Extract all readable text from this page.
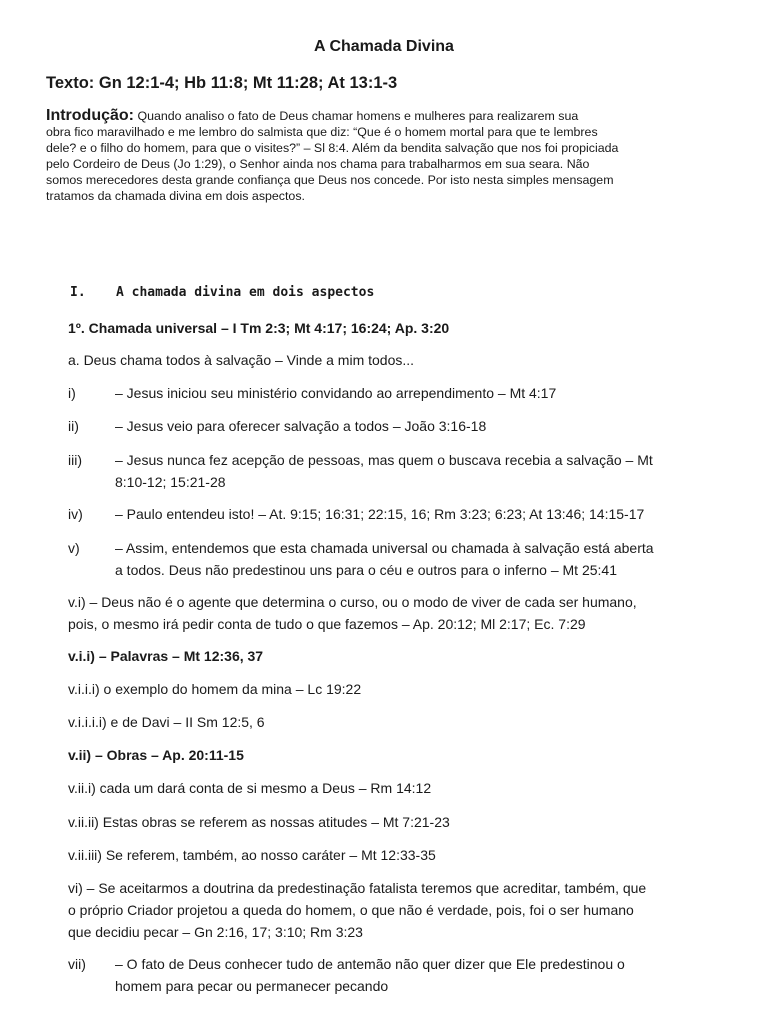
A Chamada Divina
Texto: Gn 12:1-4; Hb 11:8; Mt 11:28; At 13:1-3
Introdução: Quando analiso o fato de Deus chamar homens e mulheres para realizarem sua
obra fico maravilhado e me lembro do salmista que diz: “Que é o homem mortal para que te lembres
dele? e o filho do homem, para que o visites?” – Sl 8:4. Além da bendita salvação que nos foi propiciada
pelo Cordeiro de Deus (Jo 1:29), o Senhor ainda nos chama para trabalharmos em sua seara. Não
somos merecedores desta grande confiança que Deus nos concede. Por isto nesta simples mensagem
tratamos da chamada divina em dois aspectos.
I. A chamada divina em dois aspectos
1º. Chamada universal – I Tm 2:3; Mt 4:17; 16:24; Ap. 3:20
a. Deus chama todos à salvação – Vinde a mim todos...
i)	– Jesus iniciou seu ministério convidando ao arrependimento – Mt 4:17
ii)	– Jesus veio para oferecer salvação a todos – João 3:16-18
iii) – Jesus nunca fez acepção de pessoas, mas quem o buscava recebia a salvação – Mt
8:10-12; 15:21-28
iv) – Paulo entendeu isto! – At. 9:15; 16:31; 22:15, 16; Rm 3:23; 6:23; At 13:46; 14:15-17
v)	– Assim, entendemos que esta chamada universal ou chamada à salvação está aberta
a todos. Deus não predestinou uns para o céu e outros para o inferno – Mt 25:41
v.i) – Deus não é o agente que determina o curso, ou o modo de viver de cada ser humano,
pois, o mesmo irá pedir conta de tudo o que fazemos – Ap. 20:12; Ml 2:17; Ec. 7:29
v.i.i) – Palavras – Mt 12:36, 37
v.i.i.i) o exemplo do homem da mina – Lc 19:22
v.i.i.i.i) e de Davi – II Sm 12:5, 6
v.ii) – Obras – Ap. 20:11-15
v.ii.i) cada um dará conta de si mesmo a Deus – Rm 14:12
v.ii.ii) Estas obras se referem as nossas atitudes – Mt 7:21-23
v.ii.iii) Se referem, também, ao nosso caráter – Mt 12:33-35
vi) – Se aceitarmos a doutrina da predestinação fatalista teremos que acreditar, também, que
o próprio Criador projetou a queda do homem, o que não é verdade, pois, foi o ser humano
que decidiu pecar – Gn 2:16, 17; 3:10; Rm 3:23
vii) – O fato de Deus conhecer tudo de antemão não quer dizer que Ele predestinou o
homem para pecar ou permanecer pecando
